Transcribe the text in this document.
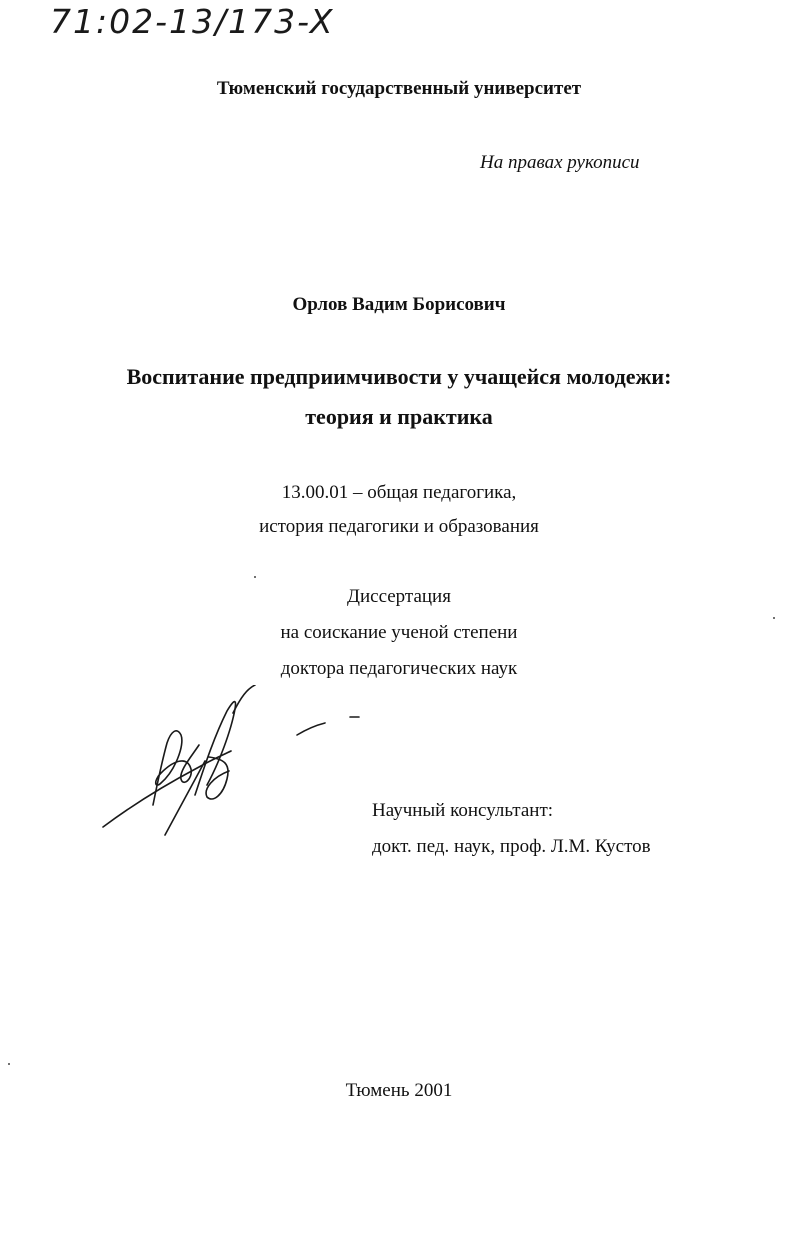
71:02-13/173-X
Тюменский государственный университет
На правах рукописи
Орлов Вадим Борисович
Воспитание предприимчивости у учащейся молодежи:
теория и практика
13.00.01 – общая педагогика,
история педагогики и образования
Диссертация
на соискание ученой степени
доктора педагогических наук
Научный консультант:
докт. пед. наук, проф. Л.М. Кустов
Тюмень 2001
